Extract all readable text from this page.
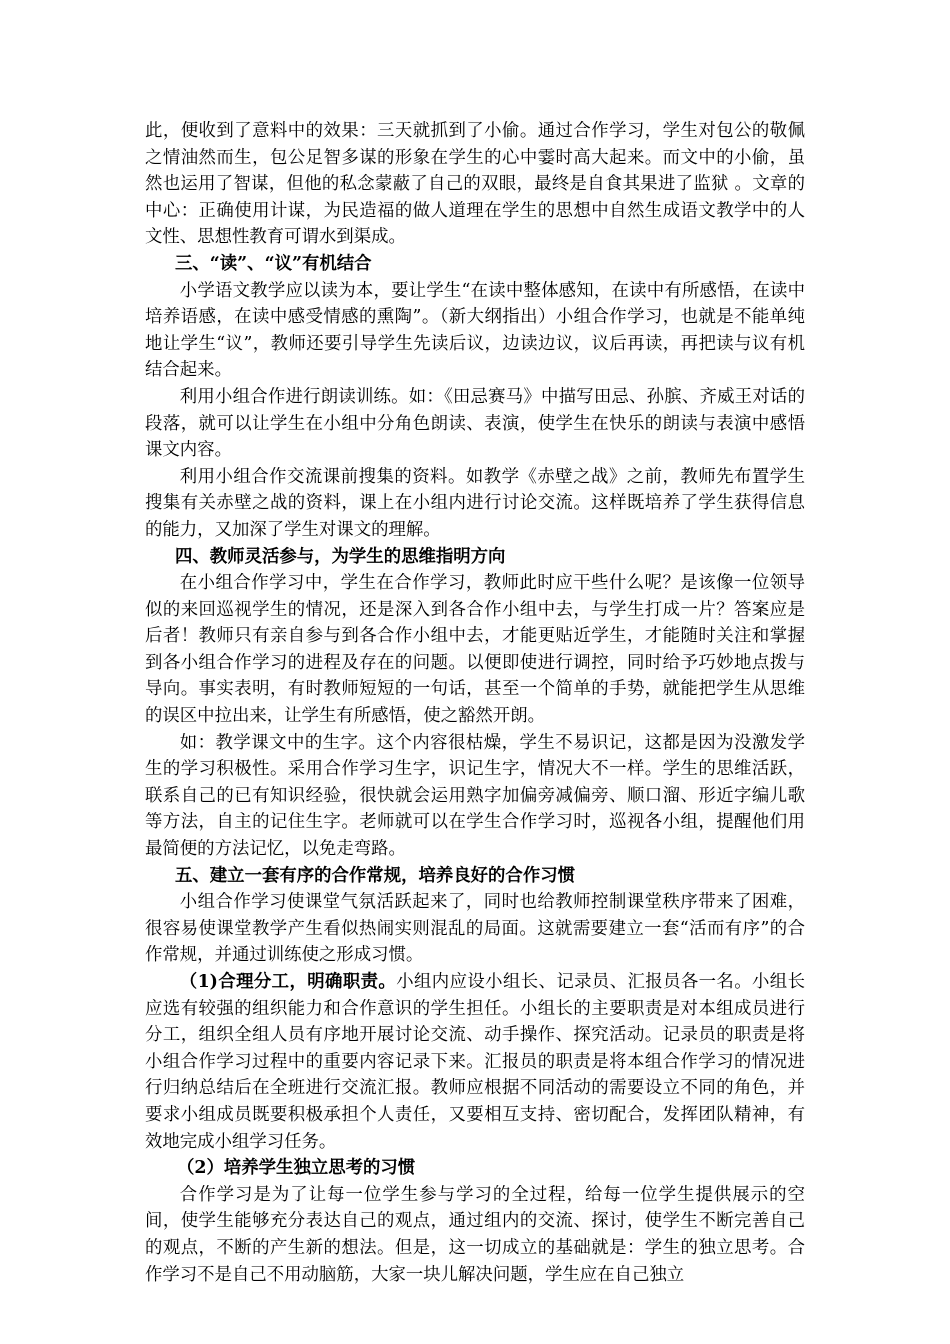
此，便收到了意料中的效果：三天就抓到了小偷。通过合作学习，学生对包公的敬佩之情油然而生，包公足智多谋的形象在学生的心中霎时高大起来。而文中的小偷，虽然也运用了智谋，但他的私念蒙蔽了自己的双眼，最终是自食其果进了监狱 。文章的中心：正确使用计谋，为民造福的做人道理在学生的思想中自然生成语文教学中的人文性、思想性教育可谓水到渠成。

三、“读”、“议”有机结合

小学语文教学应以读为本，要让学生“在读中整体感知，在读中有所感悟，在读中培养语感，在读中感受情感的熏陶”。（新大纲指出）小组合作学习，也就是不能单纯地让学生“议”，教师还要引导学生先读后议，边读边议，议后再读，再把读与议有机结合起来。

利用小组合作进行朗读训练。如：《田忌赛马》中描写田忌、孙膑、齐威王对话的段落，就可以让学生在小组中分角色朗读、表演，使学生在快乐的朗读与表演中感悟课文内容。

利用小组合作交流课前搜集的资料。如教学《赤壁之战》之前，教师先布置学生搜集有关赤壁之战的资料，课上在小组内进行讨论交流。这样既培养了学生获得信息的能力，又加深了学生对课文的理解。

四、教师灵活参与，为学生的思维指明方向

在小组合作学习中，学生在合作学习，教师此时应干些什么呢？是该像一位领导似的来回巡视学生的情况，还是深入到各合作小组中去，与学生打成一片？答案应是后者！教师只有亲自参与到各合作小组中去，才能更贴近学生，才能随时关注和掌握到各小组合作学习的进程及存在的问题。以便即使进行调控，同时给予巧妙地点拨与导向。事实表明，有时教师短短的一句话，甚至一个简单的手势，就能把学生从思维的误区中拉出来，让学生有所感悟，使之豁然开朗。

如：教学课文中的生字。这个内容很枯燥，学生不易识记，这都是因为没激发学生的学习积极性。采用合作学习生字，识记生字，情况大不一样。学生的思维活跃，联系自己的已有知识经验，很快就会运用熟字加偏旁减偏旁、顺口溜、形近字编儿歌等方法，自主的记住生字。老师就可以在学生合作学习时，巡视各小组，提醒他们用最简便的方法记忆，以免走弯路。

五、建立一套有序的合作常规，培养良好的合作习惯

小组合作学习使课堂气氛活跃起来了，同时也给教师控制课堂秩序带来了困难，很容易使课堂教学产生看似热闹实则混乱的局面。这就需要建立一套“活而有序”的合作常规，并通过训练使之形成习惯。

（1)合理分工，明确职责。小组内应设小组长、记录员、汇报员各一名。小组长应选有较强的组织能力和合作意识的学生担任。小组长的主要职责是对本组成员进行分工，组织全组人员有序地开展讨论交流、动手操作、探究活动。记录员的职责是将小组合作学习过程中的重要内容记录下来。汇报员的职责是将本组合作学习的情况进行归纳总结后在全班进行交流汇报。教师应根据不同活动的需要设立不同的角色，并要求小组成员既要积极承担个人责任，又要相互支持、密切配合，发挥团队精神，有效地完成小组学习任务。

（2）培养学生独立思考的习惯

合作学习是为了让每一位学生参与学习的全过程，给每一位学生提供展示的空间，使学生能够充分表达自己的观点，通过组内的交流、探讨，使学生不断完善自己的观点，不断的产生新的想法。但是，这一切成立的基础就是：学生的独立思考。合作学习不是自己不用动脑筋，大家一块儿解决问题，学生应在自己独立
